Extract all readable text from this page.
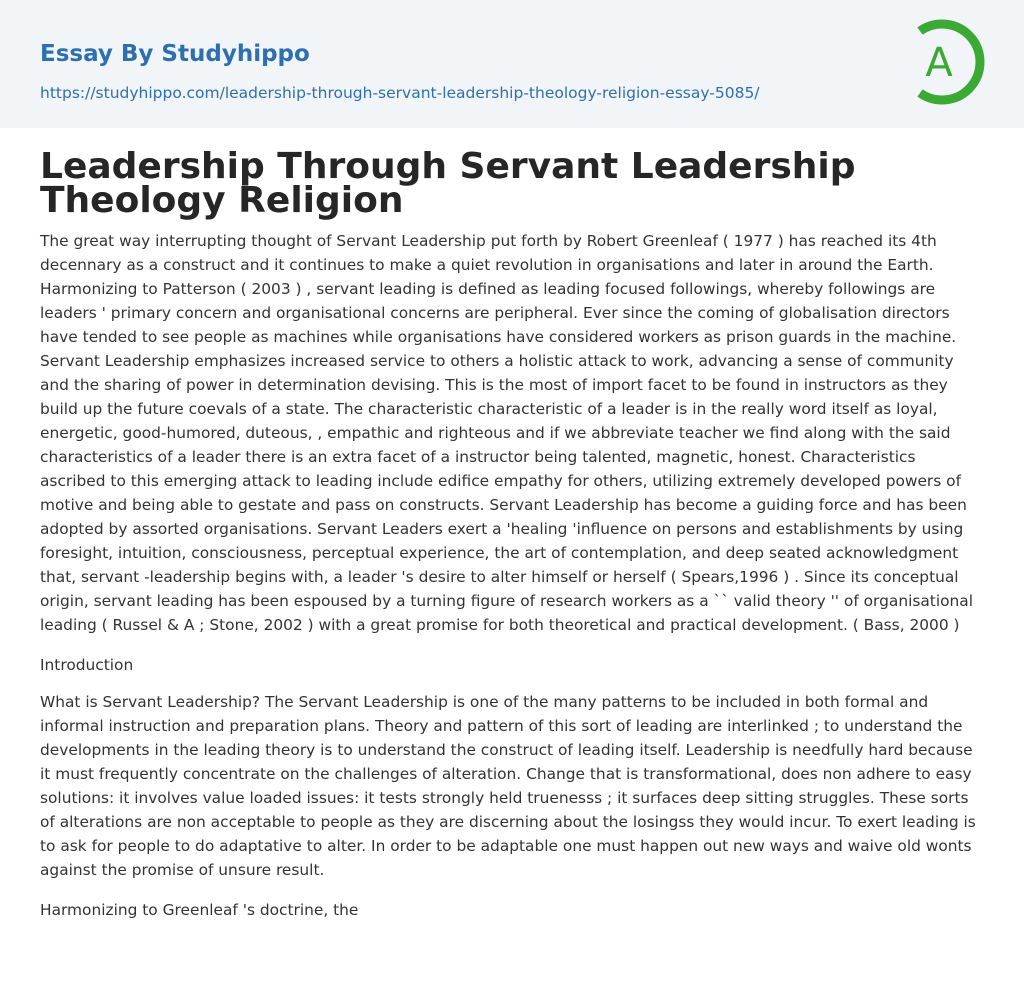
Essay By Studyhippo
https://studyhippo.com/leadership-through-servant-leadership-theology-religion-essay-5085/
A
Leadership Through Servant Leadership Theology Religion

The great way interrupting thought of Servant Leadership put forth by Robert Greenleaf ( 1977 ) has reached its 4th decennary as a construct and it continues to make a quiet revolution in organisations and later in around the Earth. Harmonizing to Patterson ( 2003 ) , servant leading is defined as leading focused followings, whereby followings are leaders ' primary concern and organisational concerns are peripheral. Ever since the coming of globalisation directors have tended to see people as machines while organisations have considered workers as prison guards in the machine. Servant Leadership emphasizes increased service to others a holistic attack to work, advancing a sense of community and the sharing of power in determination devising. This is the most of import facet to be found in instructors as they build up the future coevals of a state. The characteristic characteristic of a leader is in the really word itself as loyal, energetic, good-humored, duteous, , empathic and righteous and if we abbreviate teacher we find along with the said characteristics of a leader there is an extra facet of a instructor being talented, magnetic, honest. Characteristics ascribed to this emerging attack to leading include edifice empathy for others, utilizing extremely developed powers of motive and being able to gestate and pass on constructs. Servant Leadership has become a guiding force and has been adopted by assorted organisations. Servant Leaders exert a 'healing 'influence on persons and establishments by using foresight, intuition, consciousness, perceptual experience, the art of contemplation, and deep seated acknowledgment that, servant -leadership begins with, a leader 's desire to alter himself or herself ( Spears,1996 ) . Since its conceptual origin, servant leading has been espoused by a turning figure of research workers as a `` valid theory '' of organisational leading ( Russel & A ; Stone, 2002 ) with a great promise for both theoretical and practical development. ( Bass, 2000 )

Introduction

What is Servant Leadership? The Servant Leadership is one of the many patterns to be included in both formal and informal instruction and preparation plans. Theory and pattern of this sort of leading are interlinked ; to understand the developments in the leading theory is to understand the construct of leading itself. Leadership is needfully hard because it must frequently concentrate on the challenges of alteration. Change that is transformational, does non adhere to easy solutions: it involves value loaded issues: it tests strongly held truenesss ; it surfaces deep sitting struggles. These sorts of alterations are non acceptable to people as they are discerning about the losingss they would incur. To exert leading is to ask for people to do adaptative to alter. In order to be adaptable one must happen out new ways and waive old wonts against the promise of unsure result.

Harmonizing to Greenleaf 's doctrine, the
